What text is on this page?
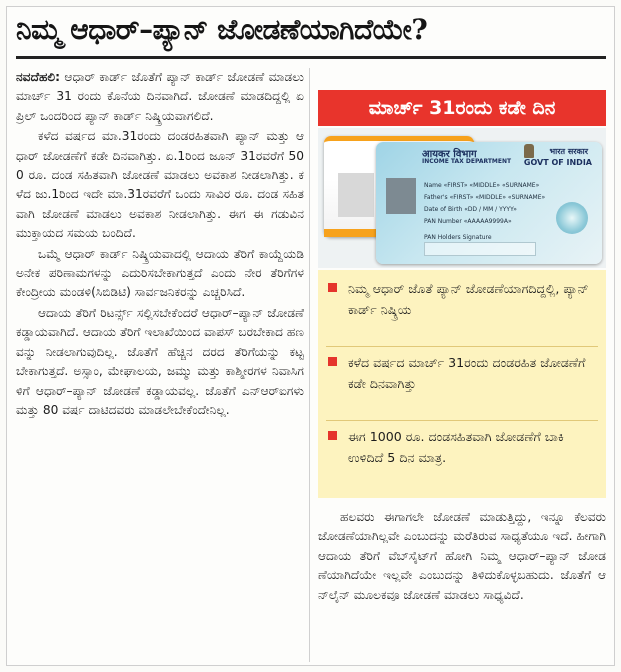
ನಿಮ್ಮ ಆಧಾರ್–ಪ್ಯಾನ್ ಜೋಡಣೆಯಾಗಿದೆಯೇ?

ನವದೆಹಲಿ: ಆಧಾರ್ ಕಾರ್ಡ್ ಜೊತೆಗೆ ಪ್ಯಾನ್ ಕಾರ್ಡ್ ಜೋಡಣೆ ಮಾಡಲು ಮಾರ್ಚ್ 31 ರಂದು ಕೊನೆಯ ದಿನವಾಗಿದೆ. ಜೋಡಣೆ ಮಾಡದಿದ್ದಲ್ಲಿ ಏಪ್ರಿಲ್ ಒಂದರಿಂದ ಪ್ಯಾನ್ ಕಾರ್ಡ್ ನಿಷ್ಕ್ರಿಯವಾಗಲಿದೆ.

ಕಳೆದ ವರ್ಷದ ಮಾ.31ರಂದು ದಂಡರಹಿತವಾಗಿ ಪ್ಯಾನ್ ಮತ್ತು ಆಧಾರ್ ಜೋಡಣೆಗೆ ಕಡೇ ದಿನವಾಗಿತ್ತು. ಏ.1ರಿಂದ ಜೂನ್ 31ರವರೆಗೆ 500 ರೂ. ದಂಡ ಸಹಿತವಾಗಿ ಜೋಡಣೆ ಮಾಡಲು ಅವಕಾಶ ನೀಡಲಾಗಿತ್ತು. ಕಳೆದ ಜು.1ರಿಂದ ಇದೇ ಮಾ.31ರವರೆಗೆ ಒಂದು ಸಾವಿರ ರೂ. ದಂಡ ಸಹಿತವಾಗಿ ಜೋಡಣೆ ಮಾಡಲು ಅವಕಾಶ ನೀಡಲಾಗಿತ್ತು. ಈಗ ಈ ಗಡುವಿನ ಮುಕ್ತಾಯದ ಸಮಯ ಬಂದಿದೆ.

ಒಮ್ಮೆ ಆಧಾರ್ ಕಾರ್ಡ್ ನಿಷ್ಕ್ರಿಯವಾದಲ್ಲಿ ಆದಾಯ ತೆರಿಗೆ ಕಾಯ್ದೆಯಡಿ ಅನೇಕ ಪರಿಣಾಮಗಳನ್ನು ಎದುರಿಸಬೇಕಾಗುತ್ತದೆ ಎಂದು ನೇರ ತೆರಿಗೆಗಳ ಕೇಂದ್ರೀಯ ಮಂಡಳಿ(ಸಿಬಿಡಿಟಿ) ಸಾರ್ವಜನಿಕರನ್ನು ಎಚ್ಚರಿಸಿದೆ.

ಆದಾಯ ತೆರಿಗೆ ರಿಟರ್ನ್ಸ್ ಸಲ್ಲಿಸಬೇಕೆಂದರೆ ಆಧಾರ್–ಪ್ಯಾನ್ ಜೋಡಣೆ ಕಡ್ಡಾಯವಾಗಿದೆ. ಆದಾಯ ತೆರಿಗೆ ಇಲಾಖೆಯಿಂದ ವಾಪಸ್ ಬರಬೇಕಾದ ಹಣವನ್ನು ನೀಡಲಾಗುವುದಿಲ್ಲ. ಜೊತೆಗೆ ಹೆಚ್ಚಿನ ದರದ ತೆರಿಗೆಯನ್ನು ಕಟ್ಟಬೇಕಾಗುತ್ತದೆ. ಅಸ್ಸಾಂ, ಮೇಘಾಲಯ, ಜಮ್ಮು ಮತ್ತು ಕಾಶ್ಮೀರಗಳ ನಿವಾಸಿಗಳಿಗೆ ಆಧಾರ್–ಪ್ಯಾನ್ ಜೋಡಣೆ ಕಡ್ಡಾಯವಲ್ಲ. ಜೊತೆಗೆ ಎನ್‌ಆರ್‌ಐಗಳು ಮತ್ತು 80 ವರ್ಷ ದಾಟಿದವರು ಮಾಡಲೇಬೇಕೆಂದೇನಿಲ್ಲ.

ಮಾರ್ಚ್ 31ರಂದು ಕಡೇ ದಿನ
आयकर विभाग
INCOME TAX DEPARTMENT
भारत सरकार
GOVT OF INDIA
Name «FIRST» «MIDDLE» «SURNAME»
Father's «FIRST» «MIDDLE» «SURNAME»
Date of Birth «DD / MM / YYYY»
PAN Number «AAAAA9999A»
PAN Holders Signature
ನಿಮ್ಮ ಆಧಾರ್ ಜೊತೆ ಪ್ಯಾನ್ ಜೋಡಣೆಯಾಗದಿದ್ದಲ್ಲಿ, ಪ್ಯಾನ್ ಕಾರ್ಡ್ ನಿಷ್ಕ್ರಿಯ
ಕಳೆದ ವರ್ಷದ ಮಾರ್ಚ್ 31ರಂದು ದಂಡರಹಿತ ಜೋಡಣೆಗೆ ಕಡೇ ದಿನವಾಗಿತ್ತು
ಈಗ 1000 ರೂ. ದಂಡಸಹಿತವಾಗಿ ಜೋಡಣೆಗೆ ಬಾಕಿ ಉಳಿದಿದೆ 5 ದಿನ ಮಾತ್ರ.

ಹಲವರು ಈಗಾಗಲೇ ಜೋಡಣೆ ಮಾಡುತ್ತಿದ್ದು, ಇನ್ನೂ ಕೆಲವರು ಜೋಡಣೆಯಾಗಿಲ್ಲವೇ ಎಂಬುದನ್ನು ಮರೆತಿರುವ ಸಾಧ್ಯತೆಯೂ ಇದೆ. ಹೀಗಾಗಿ ಆದಾಯ ತೆರಿಗೆ ವೆಬ್‌ಸೈಟ್‌ಗೆ ಹೋಗಿ ನಿಮ್ಮ ಆಧಾರ್–ಪ್ಯಾನ್ ಜೋಡಣೆಯಾಗಿದೆಯೇ ಇಲ್ಲವೇ ಎಂಬುದನ್ನು ತಿಳಿದುಕೊಳ್ಳಬಹುದು. ಜೊತೆಗೆ ಆನ್‌ಲೈನ್ ಮೂಲಕವೂ ಜೋಡಣೆ ಮಾಡಲು ಸಾಧ್ಯವಿದೆ.
